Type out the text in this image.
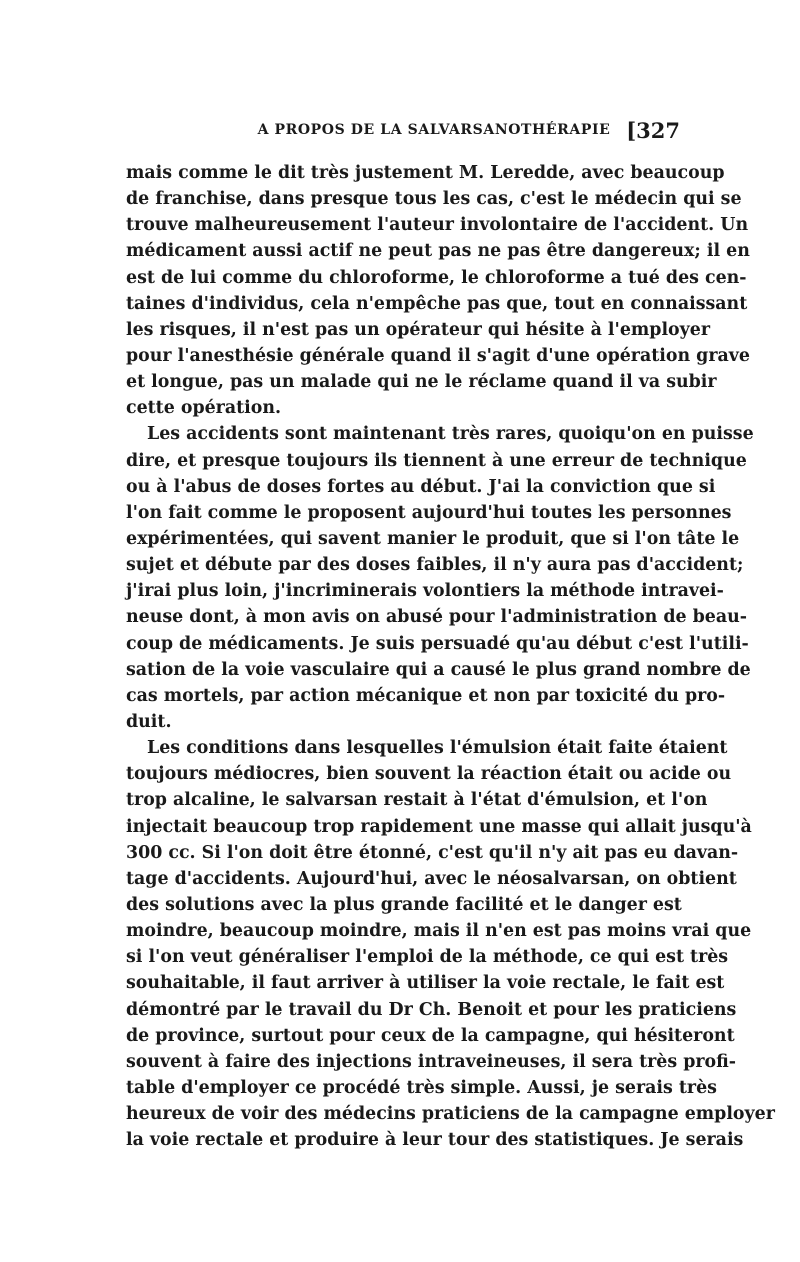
A PROPOS DE LA SALVARSANOTHÉRAPIE [327
mais comme le dit très justement M. Leredde, avec beaucoup
de franchise, dans presque tous les cas, c'est le médecin qui se
trouve malheureusement l'auteur involontaire de l'accident. Un
médicament aussi actif ne peut pas ne pas être dangereux; il en
est de lui comme du chloroforme, le chloroforme a tué des cen-
taines d'individus, cela n'empêche pas que, tout en connaissant
les risques, il n'est pas un opérateur qui hésite à l'employer
pour l'anesthésie générale quand il s'agit d'une opération grave
et longue, pas un malade qui ne le réclame quand il va subir
cette opération.
Les accidents sont maintenant très rares, quoiqu'on en puisse
dire, et presque toujours ils tiennent à une erreur de technique
ou à l'abus de doses fortes au début. J'ai la conviction que si
l'on fait comme le proposent aujourd'hui toutes les personnes
expérimentées, qui savent manier le produit, que si l'on tâte le
sujet et débute par des doses faibles, il n'y aura pas d'accident;
j'irai plus loin, j'incriminerais volontiers la méthode intravei-
neuse dont, à mon avis on abusé pour l'administration de beau-
coup de médicaments. Je suis persuadé qu'au début c'est l'utili-
sation de la voie vasculaire qui a causé le plus grand nombre de
cas mortels, par action mécanique et non par toxicité du pro-
duit.
Les conditions dans lesquelles l'émulsion était faite étaient
toujours médiocres, bien souvent la réaction était ou acide ou
trop alcaline, le salvarsan restait à l'état d'émulsion, et l'on
injectait beaucoup trop rapidement une masse qui allait jusqu'à
300 cc. Si l'on doit être étonné, c'est qu'il n'y ait pas eu davan-
tage d'accidents. Aujourd'hui, avec le néosalvarsan, on obtient
des solutions avec la plus grande facilité et le danger est
moindre, beaucoup moindre, mais il n'en est pas moins vrai que
si l'on veut généraliser l'emploi de la méthode, ce qui est très
souhaitable, il faut arriver à utiliser la voie rectale, le fait est
démontré par le travail du Dr Ch. Benoit et pour les praticiens
de province, surtout pour ceux de la campagne, qui hésiteront
souvent à faire des injections intraveineuses, il sera très profi-
table d'employer ce procédé très simple. Aussi, je serais très
heureux de voir des médecins praticiens de la campagne employer
la voie rectale et produire à leur tour des statistiques. Je serais
